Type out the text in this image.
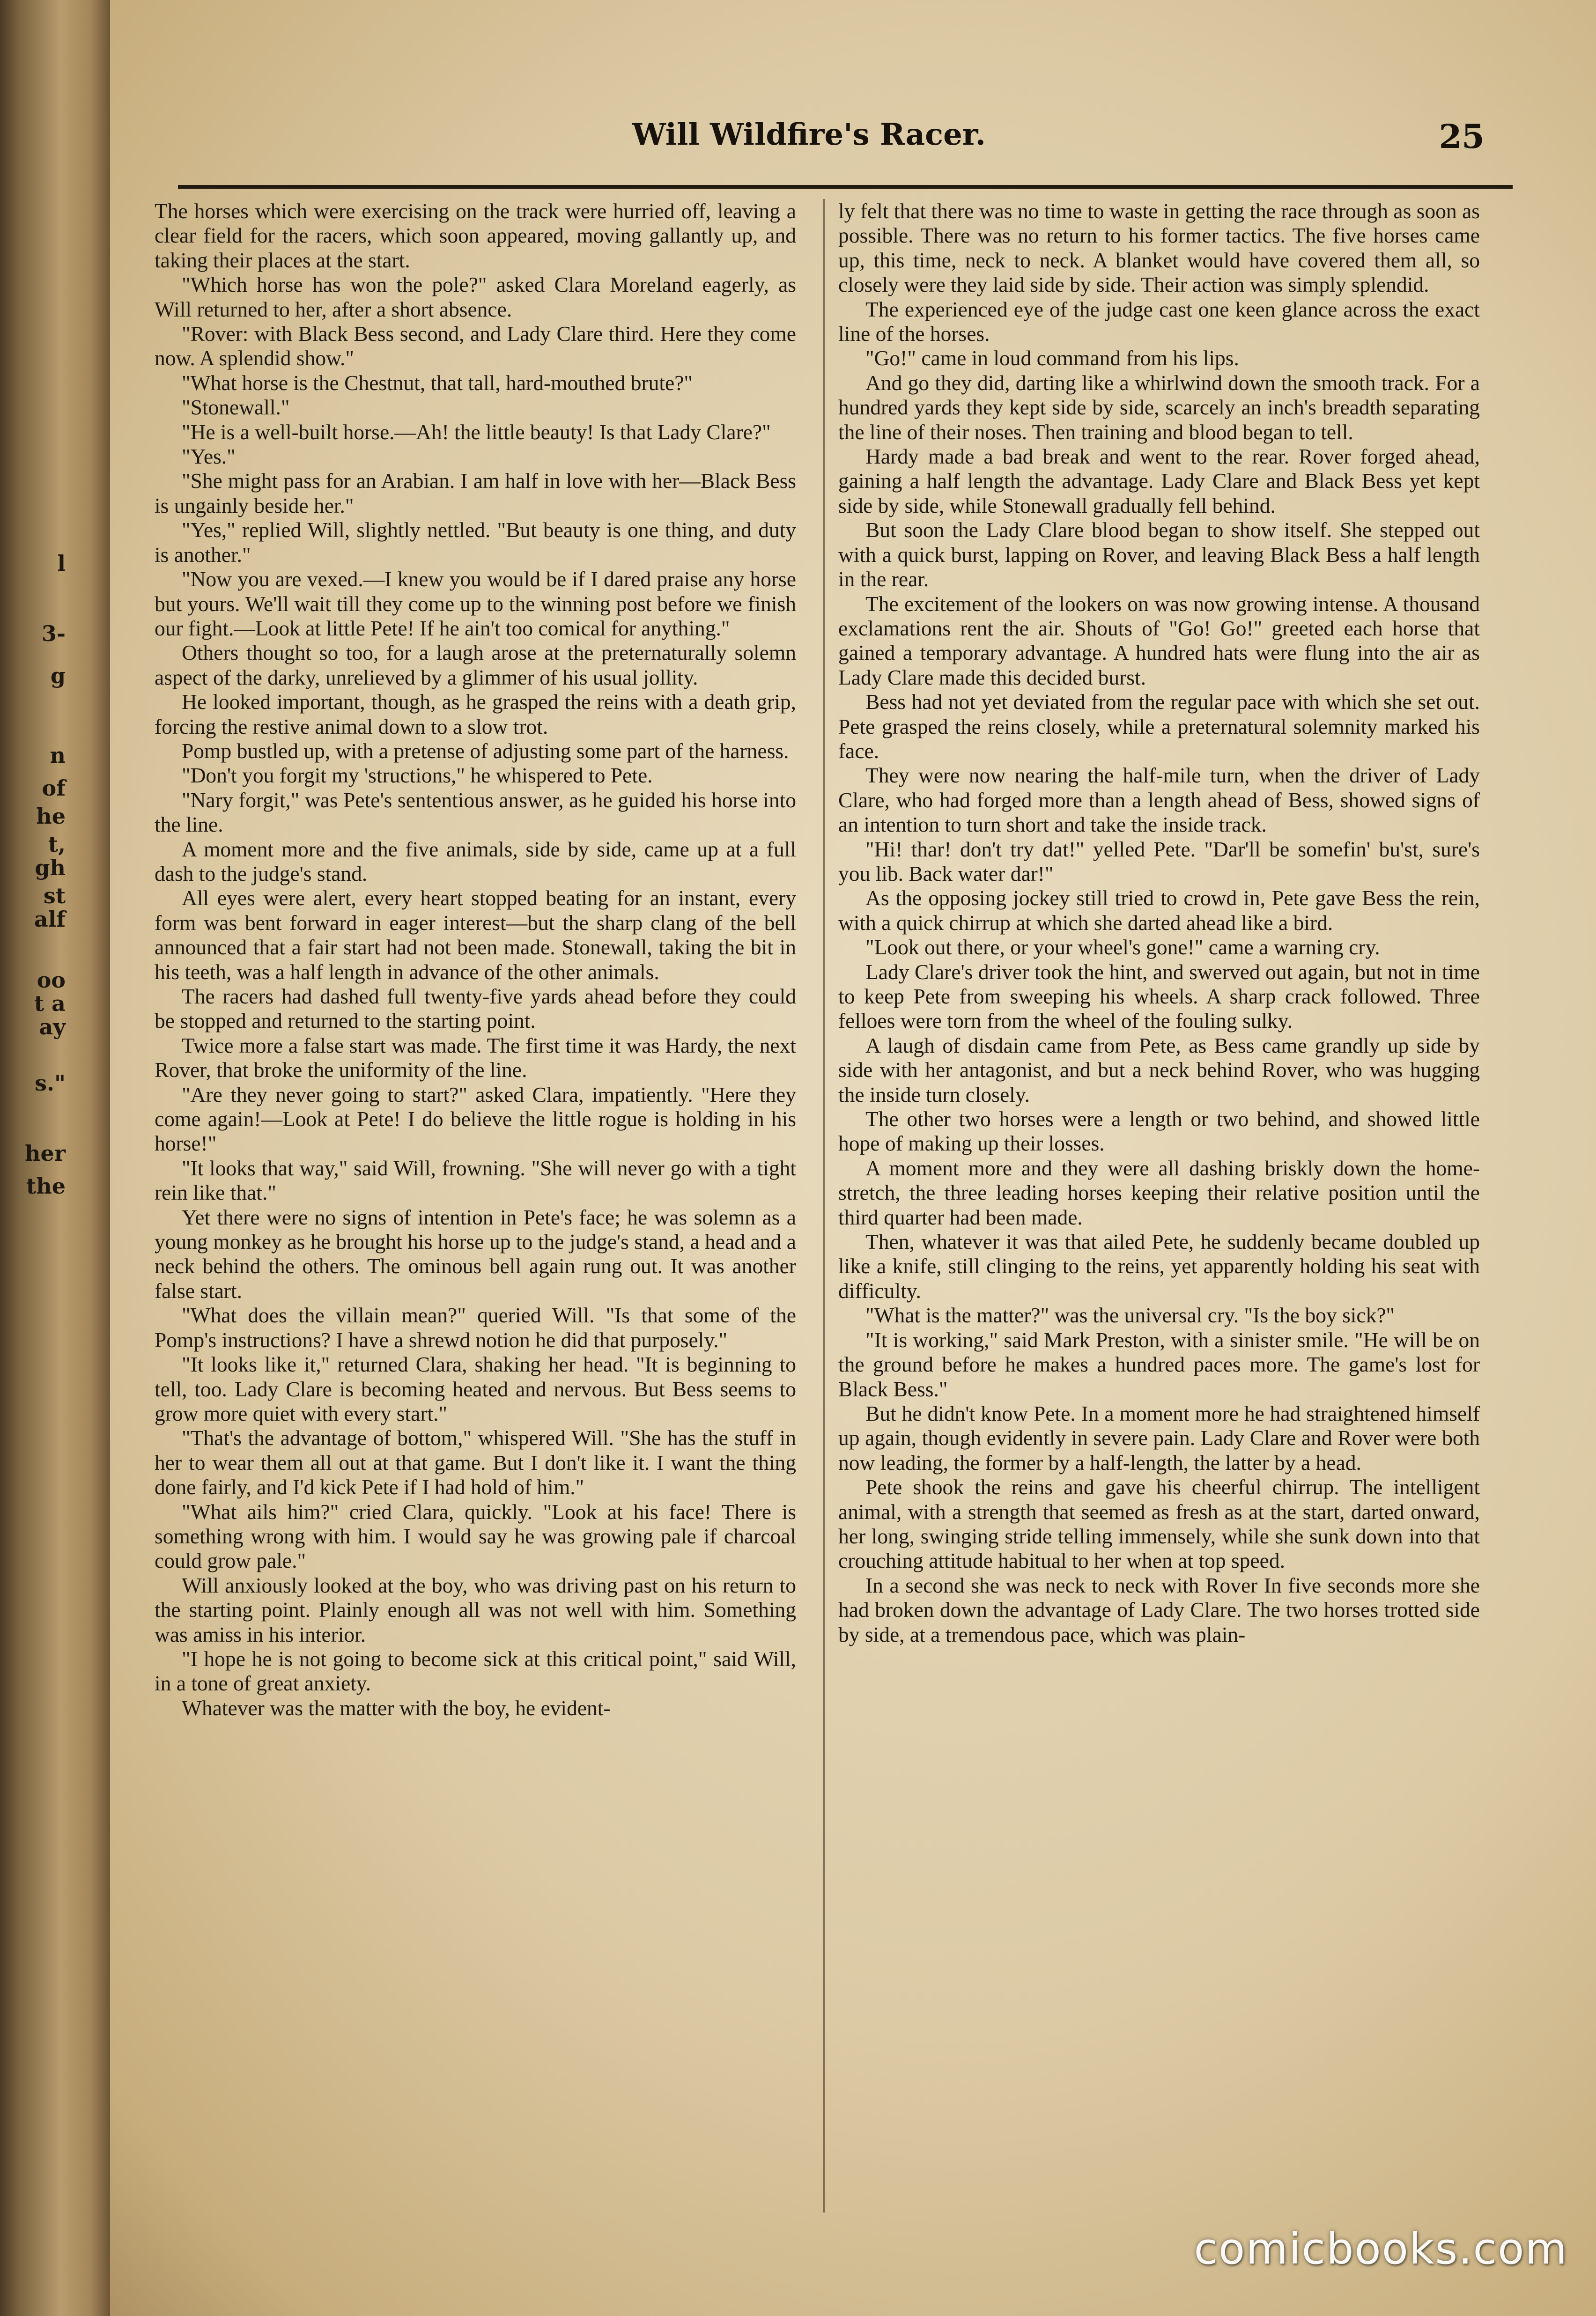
l
3-
g
n
of
he
t,
gh
st
alf
oo
t a
ay
s."
her
the
Will Wildfire's Racer.	25

The horses which were exercising on the track were hurried off, leaving a clear field for the racers, which soon appeared, moving gallantly up, and taking their places at the start.

"Which horse has won the pole?" asked Clara Moreland eagerly, as Will returned to her, after a short absence.

"Rover: with Black Bess second, and Lady Clare third. Here they come now. A splendid show."

"What horse is the Chestnut, that tall, hard-mouthed brute?"

"Stonewall."

"He is a well-built horse.—Ah! the little beauty! Is that Lady Clare?"

"Yes."

"She might pass for an Arabian. I am half in love with her—Black Bess is ungainly beside her."

"Yes," replied Will, slightly nettled. "But beauty is one thing, and duty is another."

"Now you are vexed.—I knew you would be if I dared praise any horse but yours. We'll wait till they come up to the winning post before we finish our fight.—Look at little Pete! If he ain't too comical for anything."

Others thought so too, for a laugh arose at the preternaturally solemn aspect of the darky, unrelieved by a glimmer of his usual jollity.

He looked important, though, as he grasped the reins with a death grip, forcing the restive animal down to a slow trot.

Pomp bustled up, with a pretense of adjusting some part of the harness.

"Don't you forgit my 'structions," he whispered to Pete.

"Nary forgit," was Pete's sententious answer, as he guided his horse into the line.

A moment more and the five animals, side by side, came up at a full dash to the judge's stand.

All eyes were alert, every heart stopped beating for an instant, every form was bent forward in eager interest—but the sharp clang of the bell announced that a fair start had not been made. Stonewall, taking the bit in his teeth, was a half length in advance of the other animals.

The racers had dashed full twenty-five yards ahead before they could be stopped and returned to the starting point.

Twice more a false start was made. The first time it was Hardy, the next Rover, that broke the uniformity of the line.

"Are they never going to start?" asked Clara, impatiently. "Here they come again!—Look at Pete! I do believe the little rogue is holding in his horse!"

"It looks that way," said Will, frowning. "She will never go with a tight rein like that."

Yet there were no signs of intention in Pete's face; he was solemn as a young monkey as he brought his horse up to the judge's stand, a head and a neck behind the others. The ominous bell again rung out. It was another false start.

"What does the villain mean?" queried Will. "Is that some of the Pomp's instructions? I have a shrewd notion he did that purposely."

"It looks like it," returned Clara, shaking her head. "It is beginning to tell, too. Lady Clare is becoming heated and nervous. But Bess seems to grow more quiet with every start."

"That's the advantage of bottom," whispered Will. "She has the stuff in her to wear them all out at that game. But I don't like it. I want the thing done fairly, and I'd kick Pete if I had hold of him."

"What ails him?" cried Clara, quickly. "Look at his face! There is something wrong with him. I would say he was growing pale if charcoal could grow pale."

Will anxiously looked at the boy, who was driving past on his return to the starting point. Plainly enough all was not well with him. Something was amiss in his interior.

"I hope he is not going to become sick at this critical point," said Will, in a tone of great anxiety.

Whatever was the matter with the boy, he evident-

ly felt that there was no time to waste in getting the race through as soon as possible. There was no return to his former tactics. The five horses came up, this time, neck to neck. A blanket would have covered them all, so closely were they laid side by side. Their action was simply splendid.

The experienced eye of the judge cast one keen glance across the exact line of the horses.

"Go!" came in loud command from his lips.

And go they did, darting like a whirlwind down the smooth track. For a hundred yards they kept side by side, scarcely an inch's breadth separating the line of their noses. Then training and blood began to tell.

Hardy made a bad break and went to the rear. Rover forged ahead, gaining a half length the advantage. Lady Clare and Black Bess yet kept side by side, while Stonewall gradually fell behind.

But soon the Lady Clare blood began to show itself. She stepped out with a quick burst, lapping on Rover, and leaving Black Bess a half length in the rear.

The excitement of the lookers on was now growing intense. A thousand exclamations rent the air. Shouts of "Go! Go!" greeted each horse that gained a temporary advantage. A hundred hats were flung into the air as Lady Clare made this decided burst.

Bess had not yet deviated from the regular pace with which she set out. Pete grasped the reins closely, while a preternatural solemnity marked his face.

They were now nearing the half-mile turn, when the driver of Lady Clare, who had forged more than a length ahead of Bess, showed signs of an intention to turn short and take the inside track.

"Hi! thar! don't try dat!" yelled Pete. "Dar'll be somefin' bu'st, sure's you lib. Back water dar!"

As the opposing jockey still tried to crowd in, Pete gave Bess the rein, with a quick chirrup at which she darted ahead like a bird.

"Look out there, or your wheel's gone!" came a warning cry.

Lady Clare's driver took the hint, and swerved out again, but not in time to keep Pete from sweeping his wheels. A sharp crack followed. Three felloes were torn from the wheel of the fouling sulky.

A laugh of disdain came from Pete, as Bess came grandly up side by side with her antagonist, and but a neck behind Rover, who was hugging the inside turn closely.

The other two horses were a length or two behind, and showed little hope of making up their losses.

A moment more and they were all dashing briskly down the home-stretch, the three leading horses keeping their relative position until the third quarter had been made.

Then, whatever it was that ailed Pete, he suddenly became doubled up like a knife, still clinging to the reins, yet apparently holding his seat with difficulty.

"What is the matter?" was the universal cry. "Is the boy sick?"

"It is working," said Mark Preston, with a sinister smile. "He will be on the ground before he makes a hundred paces more. The game's lost for Black Bess."

But he didn't know Pete. In a moment more he had straightened himself up again, though evidently in severe pain. Lady Clare and Rover were both now leading, the former by a half-length, the latter by a head.

Pete shook the reins and gave his cheerful chirrup. The intelligent animal, with a strength that seemed as fresh as at the start, darted onward, her long, swinging stride telling immensely, while she sunk down into that crouching attitude habitual to her when at top speed.

In a second she was neck to neck with Rover In five seconds more she had broken down the advantage of Lady Clare. The two horses trotted side by side, at a tremendous pace, which was plain-

comicbooks.com
